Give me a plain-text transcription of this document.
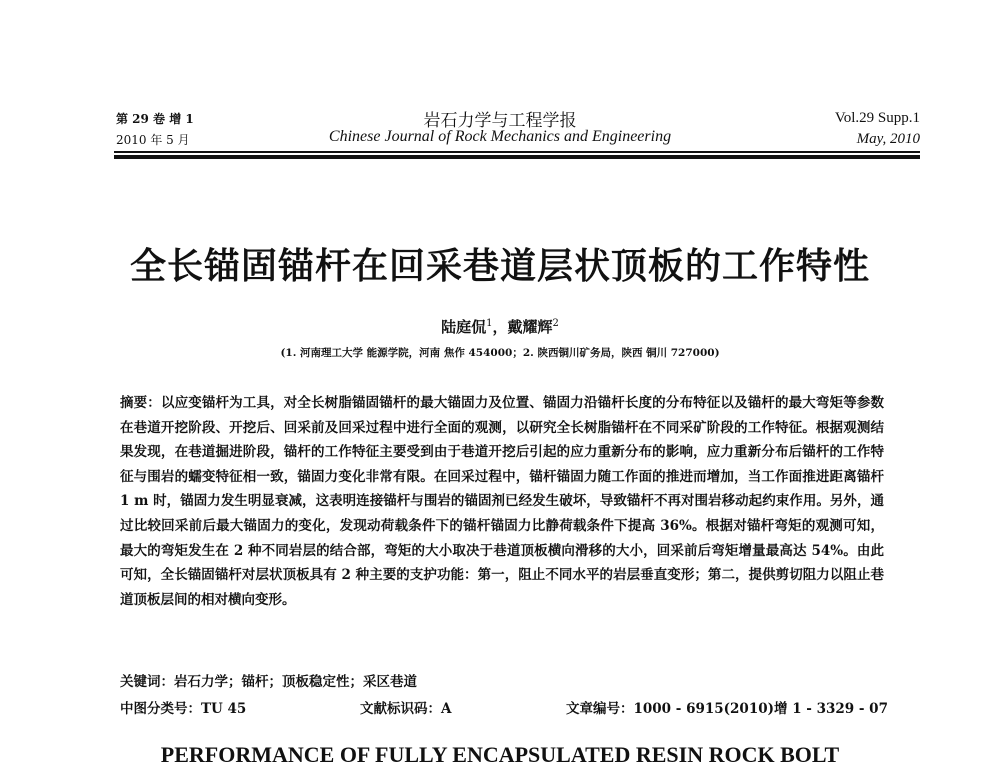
第 29 卷 增 1
2010 年 5 月
岩石力学与工程学报
Chinese Journal of Rock Mechanics and Engineering
Vol.29 Supp.1
May, 2010
全长锚固锚杆在回采巷道层状顶板的工作特性
陆庭侃$^1$，戴耀辉$^2$
(1. 河南理工大学 能源学院，河南 焦作 454000；2. 陕西铜川矿务局，陕西 铜川 727000)
摘要：以应变锚杆为工具，对全长树脂锚固锚杆的最大锚固力及位置、锚固力沿锚杆长度的分布特征以及锚杆的最大弯矩等参数在巷道开挖阶段、开挖后、回采前及回采过程中进行全面的观测，以研究全长树脂锚杆在不同采矿阶段的工作特征。根据观测结果发现，在巷道掘进阶段，锚杆的工作特征主要受到由于巷道开挖后引起的应力重新分布的影响，应力重新分布后锚杆的工作特征与围岩的蠕变特征相一致，锚固力变化非常有限。在回采过程中，锚杆锚固力随工作面的推进而增加，当工作面推进距离锚杆 1 m 时，锚固力发生明显衰减，这表明连接锚杆与围岩的锚固剂已经发生破坏，导致锚杆不再对围岩移动起约束作用。另外，通过比较回采前后最大锚固力的变化，发现动荷载条件下的锚杆锚固力比静荷载条件下提高 36%。根据对锚杆弯矩的观测可知，最大的弯矩发生在 2 种不同岩层的结合部，弯矩的大小取决于巷道顶板横向滑移的大小，回采前后弯矩增量最高达 54%。由此可知，全长锚固锚杆对层状顶板具有 2 种主要的支护功能：第一，阻止不同水平的岩层垂直变形；第二，提供剪切阻力以阻止巷道顶板层间的相对横向变形。
关键词：岩石力学；锚杆；顶板稳定性；采区巷道
中图分类号：TU 45	文献标识码：A	文章编号：1000 - 6915(2010)增 1 - 3329 - 07
PERFORMANCE OF FULLY ENCAPSULATED RESIN ROCK BOLT
